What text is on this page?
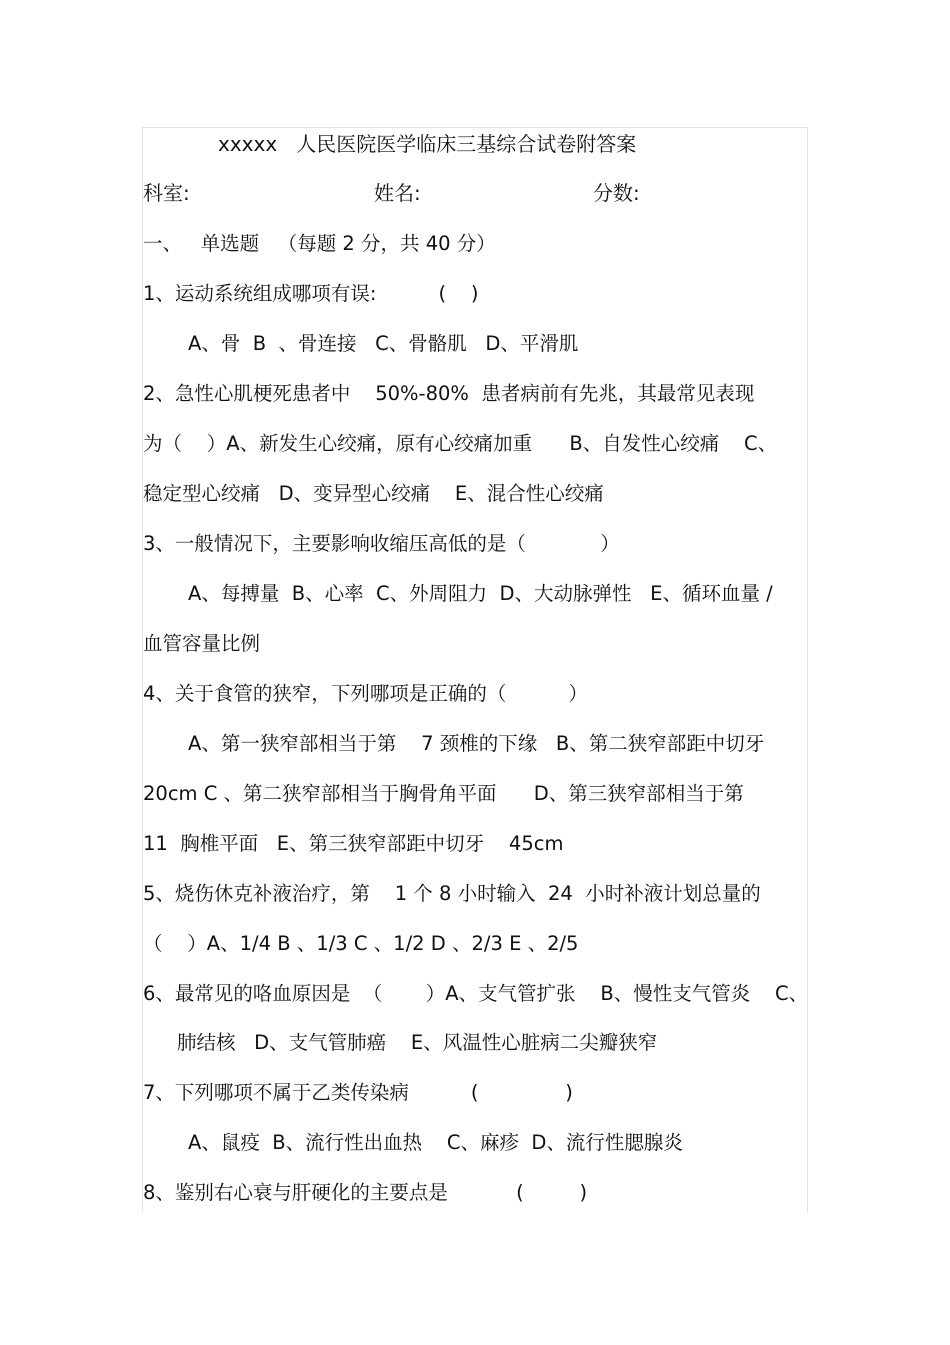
xxxxx   人民医院医学临床三基综合试卷附答案
科室:	姓名:	分数:
一、   单选题   （每题 2 分，共 40 分）
1、运动系统组成哪项有误:          (    )
A、骨  B  、骨连接   C、骨骼肌   D、平滑肌
2、急性心肌梗死患者中    50%-80%  患者病前有先兆，其最常见表现
为（    ）A、新发生心绞痛，原有心绞痛加重      B、自发性心绞痛    C、
稳定型心绞痛   D、变异型心绞痛    E、混合性心绞痛
3、一般情况下，主要影响收缩压高低的是（            ）
A、每搏量  B、心率  C、外周阻力  D、大动脉弹性   E、循环血量 /
血管容量比例
4、关于食管的狭窄，下列哪项是正确的（          ）
A、第一狭窄部相当于第    7 颈椎的下缘   B、第二狭窄部距中切牙
20cm C 、第二狭窄部相当于胸骨角平面      D、第三狭窄部相当于第
11  胸椎平面   E、第三狭窄部距中切牙    45cm
5、烧伤休克补液治疗，第    1 个 8 小时输入  24  小时补液计划总量的
（    ）A、1/4 B 、1/3 C 、1/2 D 、2/3 E 、2/5
6、最常见的咯血原因是  （       ）A、支气管扩张    B、慢性支气管炎    C、
肺结核   D、支气管肺癌    E、风温性心脏病二尖瓣狭窄
7、下列哪项不属于乙类传染病          (              )
A、鼠疫  B、流行性出血热    C、麻疹  D、流行性腮腺炎
8、鉴别右心衰与肝硬化的主要点是           (         )
